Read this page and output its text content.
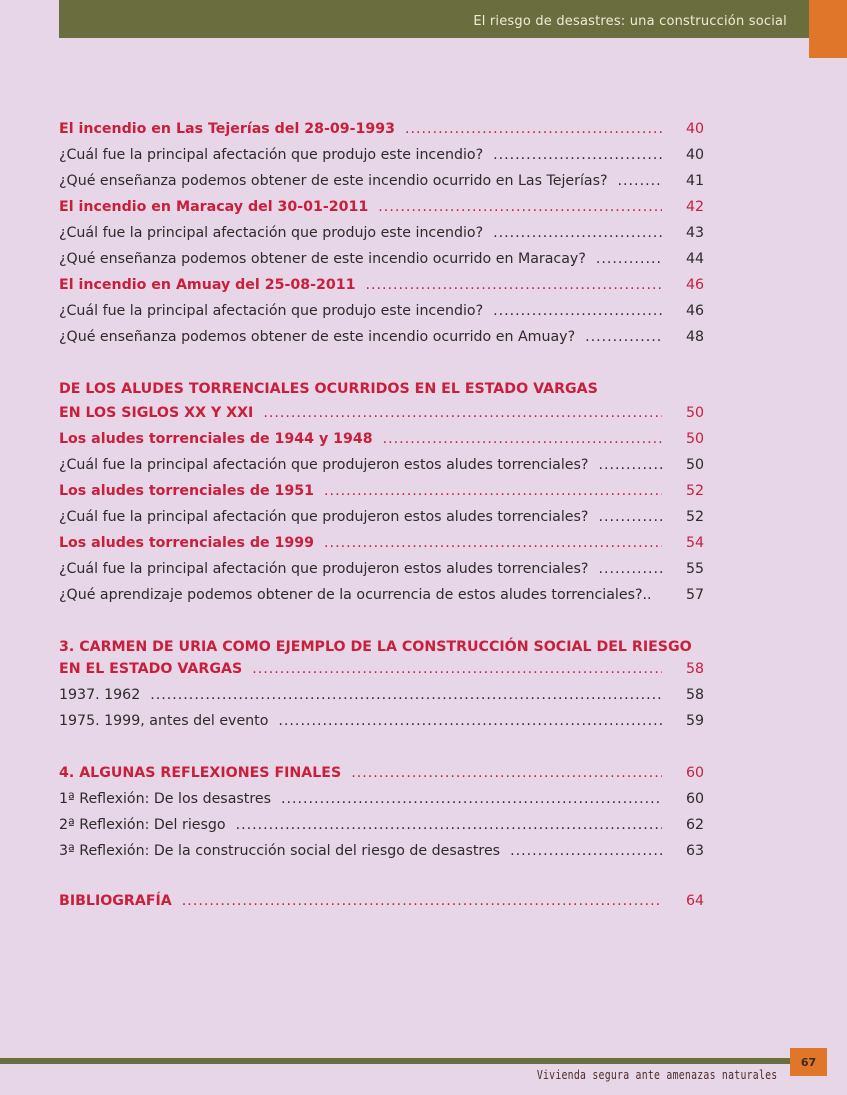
El riesgo de desastres: una construcción social
El incendio en Las Tejerías del 28-09-1993 .....	40
¿Cuál fue la principal afectación que produjo este incendio? .....	40
¿Qué enseñanza podemos obtener de este incendio ocurrido en Las Tejerías? .....	41
El incendio en Maracay del 30-01-2011 .....	42
¿Cuál fue la principal afectación que produjo este incendio? .....	43
¿Qué enseñanza podemos obtener de este incendio ocurrido en Maracay? .....	44
El incendio en Amuay del 25-08-2011 .....	46
¿Cuál fue la principal afectación que produjo este incendio? .....	46
¿Qué enseñanza podemos obtener de este incendio ocurrido en Amuay? .....	48
DE LOS ALUDES TORRENCIALES OCURRIDOS EN EL ESTADO VARGAS
EN LOS SIGLOS XX Y XXI .....	50
Los aludes torrenciales de 1944 y 1948 .....	50
¿Cuál fue la principal afectación que produjeron estos aludes torrenciales? .....	50
Los aludes torrenciales de 1951 .....	52
¿Cuál fue la principal afectación que produjeron estos aludes torrenciales? .....	52
Los aludes torrenciales de 1999 .....	54
¿Cuál fue la principal afectación que produjeron estos aludes torrenciales? .....	55
¿Qué aprendizaje podemos obtener de la ocurrencia de estos aludes torrenciales?..	57
3. CARMEN DE URIA COMO EJEMPLO DE LA CONSTRUCCIÓN SOCIAL DEL RIESGO
EN EL ESTADO VARGAS .....	58
1937. 1962 .....	58
1975. 1999, antes del evento .....	59
4. ALGUNAS REFLEXIONES FINALES .....	60
1ª Reflexión: De los desastres .....	60
2ª Reflexión: Del riesgo .....	62
3ª Reflexión: De la construcción social del riesgo de desastres .....	63
BIBLIOGRAFÍA .....	64
Vivienda segura ante amenazas naturales
67
